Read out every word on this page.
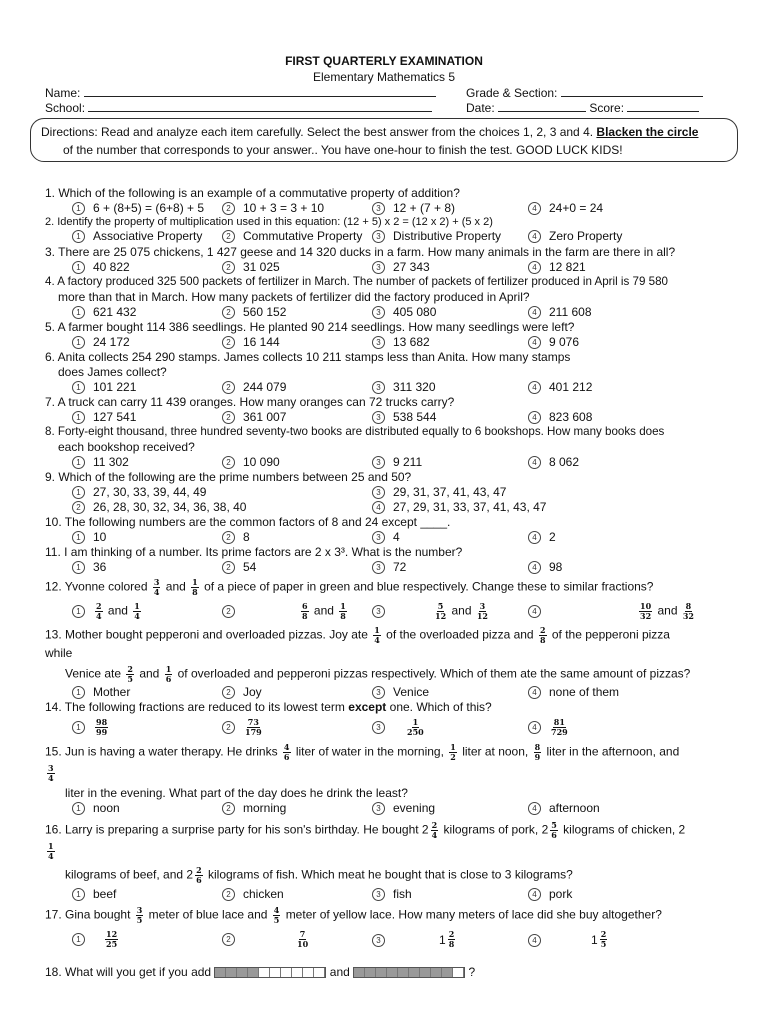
FIRST QUARTERLY EXAMINATION
Elementary Mathematics 5
Name:	Grade & Section:
School:	Date:	Score:
Directions: Read and analyze each item carefully. Select the best answer from the choices 1, 2, 3 and 4. Blacken the circle
of the number that corresponds to your answer.. You have one-hour to finish the test. GOOD LUCK KIDS!
1. Which of the following is an example of a commutative property of addition?
1 6 + (8+5) = (6+8) + 5	2 10 + 3 = 3 + 10	3 12 + (7 + 8)	4 24+0 = 24
2. Identify the property of multiplication used in this equation: (12 + 5) x 2 = (12 x 2) + (5 x 2)
1 Associative Property	2 Commutative Property	3 Distributive Property	4 Zero Property
3. There are 25 075 chickens, 1 427 geese and 14 320 ducks in a farm. How many animals in the farm are there in all?
1 40 822	2 31 025	3 27 343	4 12 821
4. A factory produced 325 500 packets of fertilizer in March. The number of packets of fertilizer produced in April is 79 580
more than that in March. How many packets of fertilizer did the factory produced in April?
1 621 432	2 560 152	3 405 080	4 211 608
5. A farmer bought 114 386 seedlings. He planted 90 214 seedlings. How many seedlings were left?
1 24 172	2 16 144	3 13 682	4 9 076
6. Anita collects 254 290 stamps. James collects 10 211 stamps less than Anita. How many stamps
does James collect?
1 101 221	2 244 079	3 311 320	4 401 212
7. A truck can carry 11 439 oranges. How many oranges can 72 trucks carry?
1 127 541	2 361 007	3 538 544	4 823 608
8. Forty-eight thousand, three hundred seventy-two books are distributed equally to 6 bookshops. How many books does
each bookshop received?
1 11 302	2 10 090	3 9 211	4 8 062
9. Which of the following are the prime numbers between 25 and 50?
1 27, 30, 33, 39, 44, 49	3 29, 31, 37, 41, 43, 47
2 26, 28, 30, 32, 34, 36, 38, 40	4 27, 29, 31, 33, 37, 41, 43, 47
10. The following numbers are the common factors of 8 and 24 except ____.
1 10	2 8	3 4	4 2
11. I am thinking of a number. Its prime factors are 2 x 3³. What is the number?
1 36	2 54	3 72	4 98
12. Yvonne colored $\frac{3}{4}$ and $\frac{1}{8}$ of a piece of paper in green and blue respectively. Change these to similar fractions?
$1 \frac{2}{4}$ and $\frac{1}{4}$	2	$\frac{6}{8}$ and $\frac{1}{8}$	3	$\frac{5}{12}$ and $\frac{3}{12}$	4	$\frac{10}{32}$ and $\frac{8}{32}$
13. Mother bought pepperoni and overloaded pizzas. Joy ate $\frac{1}{4}$ of the overloaded pizza and $\frac{2}{8}$ of the pepperoni pizza
while
Venice ate $\frac{2}{5}$ and $\frac{1}{6}$ of overloaded and pepperoni pizzas respectively. Which of them ate the same amount of pizzas?
1 Mother	2 Joy	3 Venice	4 none of them
14. The following fractions are reduced to its lowest term except one. Which of this?
$1 \frac{98}{99}$	$2 \frac{73}{179}$	3	$\frac{1}{250}$	$4 \frac{81}{729}$
15. Jun is having a water therapy. He drinks $\frac{4}{6}$ liter of water in the morning, $\frac{1}{2}$ liter at noon, $\frac{8}{9}$ liter in the afternoon, and
$\frac{3}{4}$
liter in the evening. What part of the day does he drink the least?
1 noon	2 morning	3 evening	4 afternoon
16. Larry is preparing a surprise party for his son's birthday. He bought $2 \frac{2}{4}$ kilograms of pork, $2 \frac{5}{6}$ kilograms of chicken, 2
$\frac{1}{4}$
kilograms of beef, and $2 \frac{2}{6}$ kilograms of fish. Which meat he bought that is close to 3 kilograms?
1 beef	2 chicken	3 fish	4 pork
17. Gina bought $\frac{3}{5}$ meter of blue lace and $\frac{4}{5}$ meter of yellow lace. How many meters of lace did she buy altogether?
1	$\frac{12}{25}$	2	$\frac{7}{10}$	3	$1 \frac{2}{8}$	4	$1 \frac{2}{5}$
18. What will you get if you add	and	?
